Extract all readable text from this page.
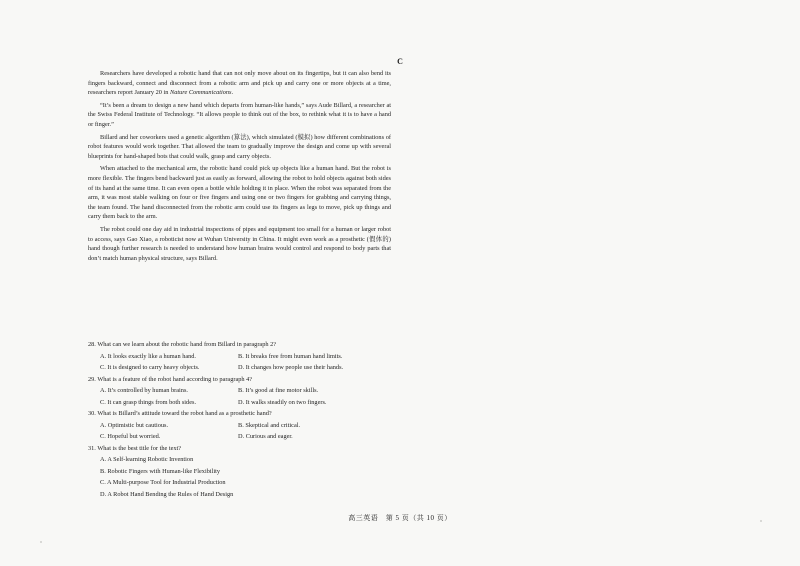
C

Researchers have developed a robotic hand that can not only move about on its fingertips, but it can also bend its fingers backward, connect and disconnect from a robotic arm and pick up and carry one or more objects at a time, researchers report January 20 in Nature Communications.

“It’s been a dream to design a new hand which departs from human-like hands,” says Aude Billard, a researcher at the Swiss Federal Institute of Technology. “It allows people to think out of the box, to rethink what it is to have a hand or finger.”

Billard and her coworkers used a genetic algorithm (算法), which simulated (模拟) how different combinations of robot features would work together. That allowed the team to gradually improve the design and come up with several blueprints for hand-shaped bots that could walk, grasp and carry objects.

When attached to the mechanical arm, the robotic hand could pick up objects like a human hand. But the robot is more flexible. The fingers bend backward just as easily as forward, allowing the robot to hold objects against both sides of its hand at the same time. It can even open a bottle while holding it in place. When the robot was separated from the arm, it was most stable walking on four or five fingers and using one or two fingers for grabbing and carrying things, the team found. The hand disconnected from the robotic arm could use its fingers as legs to move, pick up things and carry them back to the arm.

The robot could one day aid in industrial inspections of pipes and equipment too small for a human or larger robot to access, says Gao Xiao, a roboticist now at Wuhan University in China. It might even work as a prosthetic (假体的) hand though further research is needed to understand how human brains would control and respond to body parts that don’t match human physical structure, says Billard.

28. What can we learn about the robotic hand from Billard in paragraph 2?

A. It looks exactly like a human hand.	B. It breaks free from human hand limits.
C. It is designed to carry heavy objects.	D. It changes how people use their hands.

29. What is a feature of the robot hand according to paragraph 4?

A. It’s controlled by human brains.	B. It’s good at fine motor skills.
C. It can grasp things from both sides.	D. It walks steadily on two fingers.

30. What is Billard’s attitude toward the robot hand as a prosthetic hand?

A. Optimistic but cautious.	B. Skeptical and critical.
C. Hopeful but worried.	D. Curious and eager.

31. What is the best title for the text?

A. A Self-learning Robotic Invention
B. Robotic Fingers with Human-like Flexibility
C. A Multi-purpose Tool for Industrial Production
D. A Robot Hand Bending the Rules of Hand Design
高三英语　第 5 页（共 10 页）
